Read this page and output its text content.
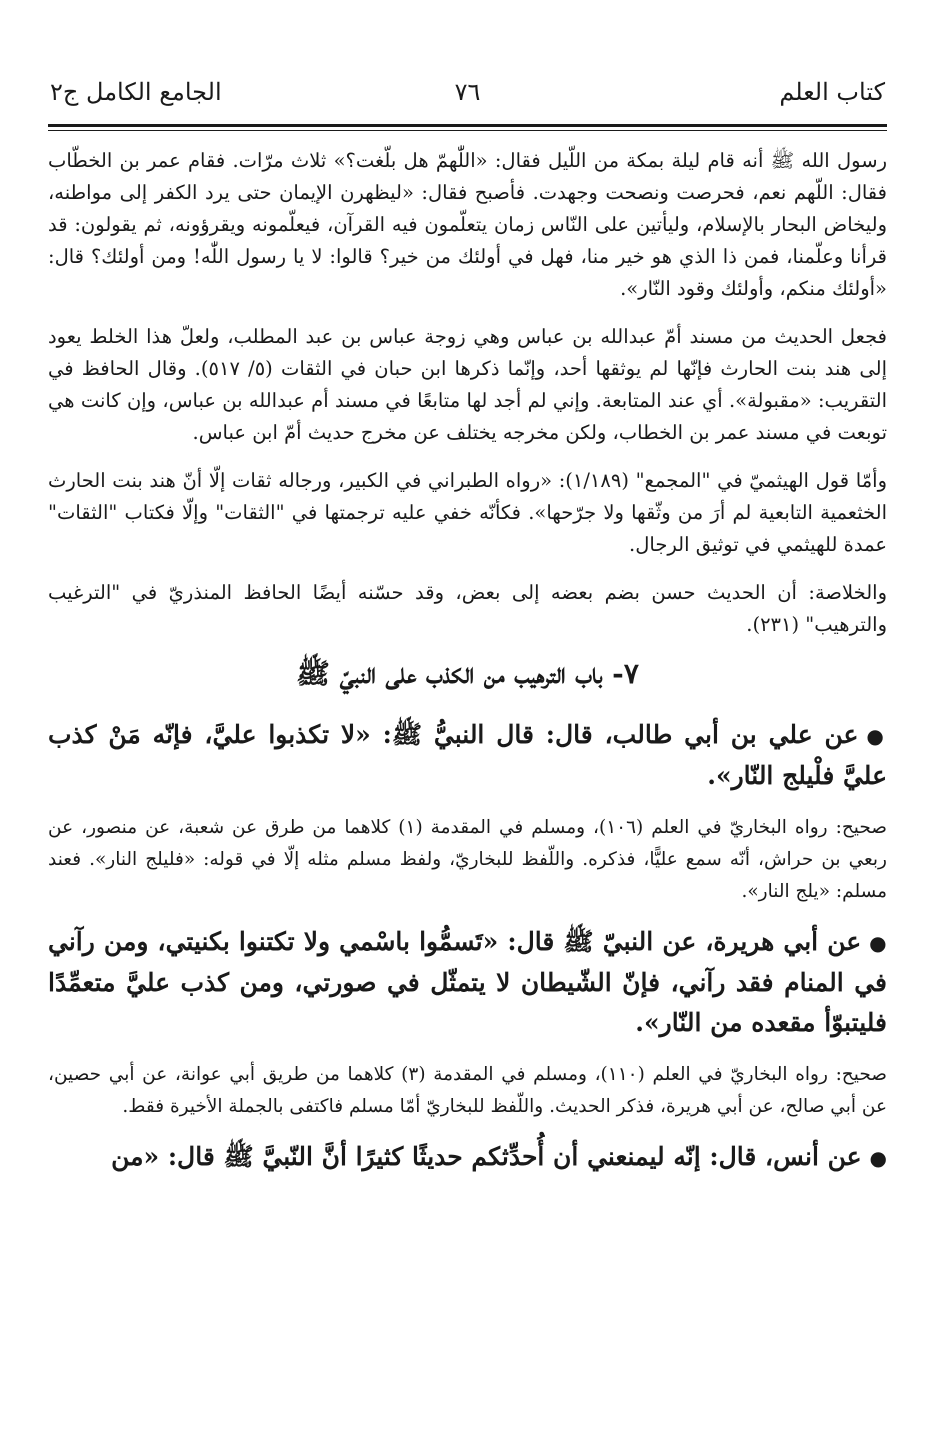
كتاب العلم
٧٦
الجامع الكامل ج٢

رسول الله ﷺ أنه قام ليلة بمكة من اللّيل فقال: «اللّٰهمّ هل بلّغت؟» ثلاث مرّات. فقام عمر بن الخطّاب فقال: اللّهم نعم، فحرصت ونصحت وجهدت. فأصبح فقال: «ليظهرن الإيمان حتى يرد الكفر إلى مواطنه، وليخاض البحار بالإسلام، وليأتين على النّاس زمان يتعلّمون فيه القرآن، فيعلّمونه ويقرؤونه، ثم يقولون: قد قرأنا وعلّمنا، فمن ذا الذي هو خير منا، فهل في أولئك من خير؟ قالوا: لا يا رسول اللّٰه! ومن أولئك؟ قال: «أولئك منكم، وأولئك وقود النّار».

فجعل الحديث من مسند أمّ عبدالله بن عباس وهي زوجة عباس بن عبد المطلب، ولعلّ هذا الخلط يعود إلى هند بنت الحارث فإنّها لم يوثقها أحد، وإنّما ذكرها ابن حبان في الثقات (٥/ ٥١٧). وقال الحافظ في التقريب: «مقبولة». أي عند المتابعة. وإني لم أجد لها متابعًا في مسند أم عبدالله بن عباس، وإن كانت هي توبعت في مسند عمر بن الخطاب، ولكن مخرجه يختلف عن مخرج حديث أمّ ابن عباس.

وأمّا قول الهيثميّ في "المجمع" (١/١٨٩): «رواه الطبراني في الكبير، ورجاله ثقات إلّا أنّ هند بنت الحارث الخثعمية التابعية لم أرَ من وثّقها ولا جرّحها». فكأنّه خفي عليه ترجمتها في "الثقات" وإلّا فكتاب "الثقات" عمدة للهيثمي في توثيق الرجال.

والخلاصة: أن الحديث حسن بضم بعضه إلى بعض، وقد حسّنه أيضًا الحافظ المنذريّ في "الترغيب والترهيب" (٢٣١).

٧- باب الترهيب من الكذب على النبيّ ﷺ

●عن علي بن أبي طالب، قال: قال النبيُّ ﷺ: «لا تكذبوا عليَّ، فإنّه مَنْ كذب عليَّ فلْيلج النّار».

صحيح: رواه البخاريّ في العلم (١٠٦)، ومسلم في المقدمة (١) كلاهما من طرق عن شعبة، عن منصور، عن ربعي بن حراش، أنّه سمع عليًّا، فذكره. واللّفظ للبخاريّ، ولفظ مسلم مثله إلّا في قوله: «فليلج النار». فعند مسلم: «يلج النار».

●عن أبي هريرة، عن النبيّ ﷺ قال: «تَسمُّوا باسْمي ولا تكتنوا بكنيتي، ومن رآني في المنام فقد رآني، فإنّ الشّيطان لا يتمثّل في صورتي، ومن كذب عليَّ متعمِّدًا فليتبوّأ مقعده من النّار».

صحيح: رواه البخاريّ في العلم (١١٠)، ومسلم في المقدمة (٣) كلاهما من طريق أبي عوانة، عن أبي حصين، عن أبي صالح، عن أبي هريرة، فذكر الحديث. واللّفظ للبخاريّ أمّا مسلم فاكتفى بالجملة الأخيرة فقط.

●عن أنس، قال: إنّه ليمنعني أن أُحدِّثكم حديثًا كثيرًا أنَّ النّبيَّ ﷺ قال: «من
